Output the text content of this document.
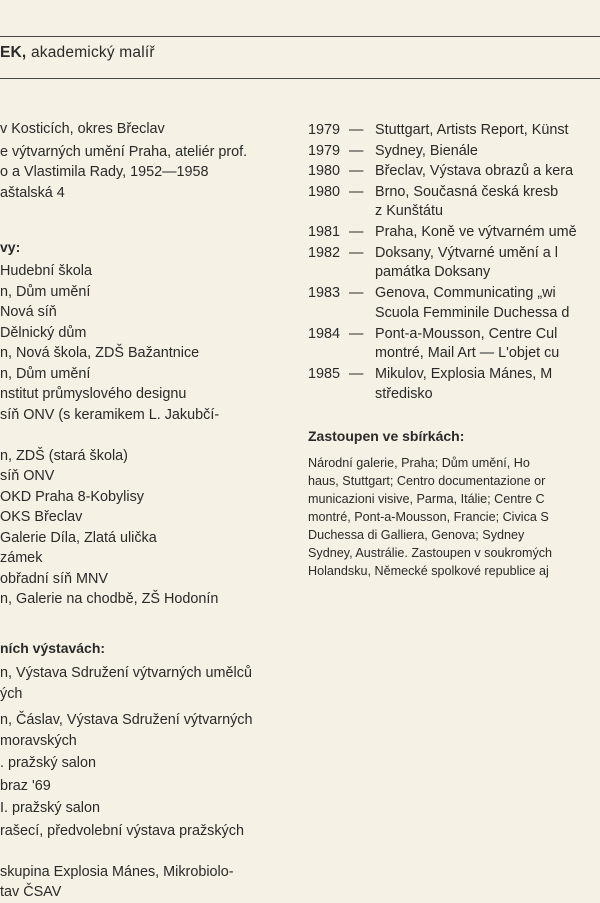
EK, akademický malíř
v Kosticích, okres Břeclav
e výtvarných umění Praha, ateliér prof.
o a Vlastimila Rady, 1952—1958
aštalská 4
vy:
Hudební škola
n, Dům umění
Nová síň
Dělnický dům
n, Nová škola, ZDŠ Bažantnice
n, Dům umění
nstitut průmyslového designu
síň ONV (s keramikem L. Jakubčí-
n, ZDŠ (stará škola)
síň ONV
OKD Praha 8-Kobylisy
OKS Břeclav
Galerie Díla, Zlatá ulička
zámek
obřadní síň MNV
n, Galerie na chodbě, ZŠ Hodonín
ních výstavách:
n, Výstava Sdružení výtvarných umělců
ých
n, Čáslav, Výstava Sdružení výtvarných
moravských
. pražský salon
braz '69
I. pražský salon
rašecí, předvolební výstava pražských
skupina Explosia Mánes, Mikrobiolo-
tav ČSAV
1979 — Stuttgart, Artists Report, Künst
1979 — Sydney, Bienále
1980 — Břeclav, Výstava obrazů a kera
1980 — Brno, Současná česká kresb
z Kunštátu
1981 — Praha, Koně ve výtvarném umě
1982 — Doksany, Výtvarné umění a l
památka Doksany
1983 — Genova, Communicating „wi
Scuola Femminile Duchessa d
1984 — Pont-a-Mousson, Centre Cul
montré, Mail Art — L'objet cu
1985 — Mikulov, Explosia Mánes, M
středisko
Zastoupen ve sbírkách:
Národní galerie, Praha; Dům umění, Ho
haus, Stuttgart; Centro documentazione or
municazioni visive, Parma, Itálie; Centre C
montré, Pont-a-Mousson, Francie; Civica S
Duchessa di Galliera, Genova; Sydney
Sydney, Austrálie. Zastoupen v soukromých
Holandsku, Německé spolkové republice aj
